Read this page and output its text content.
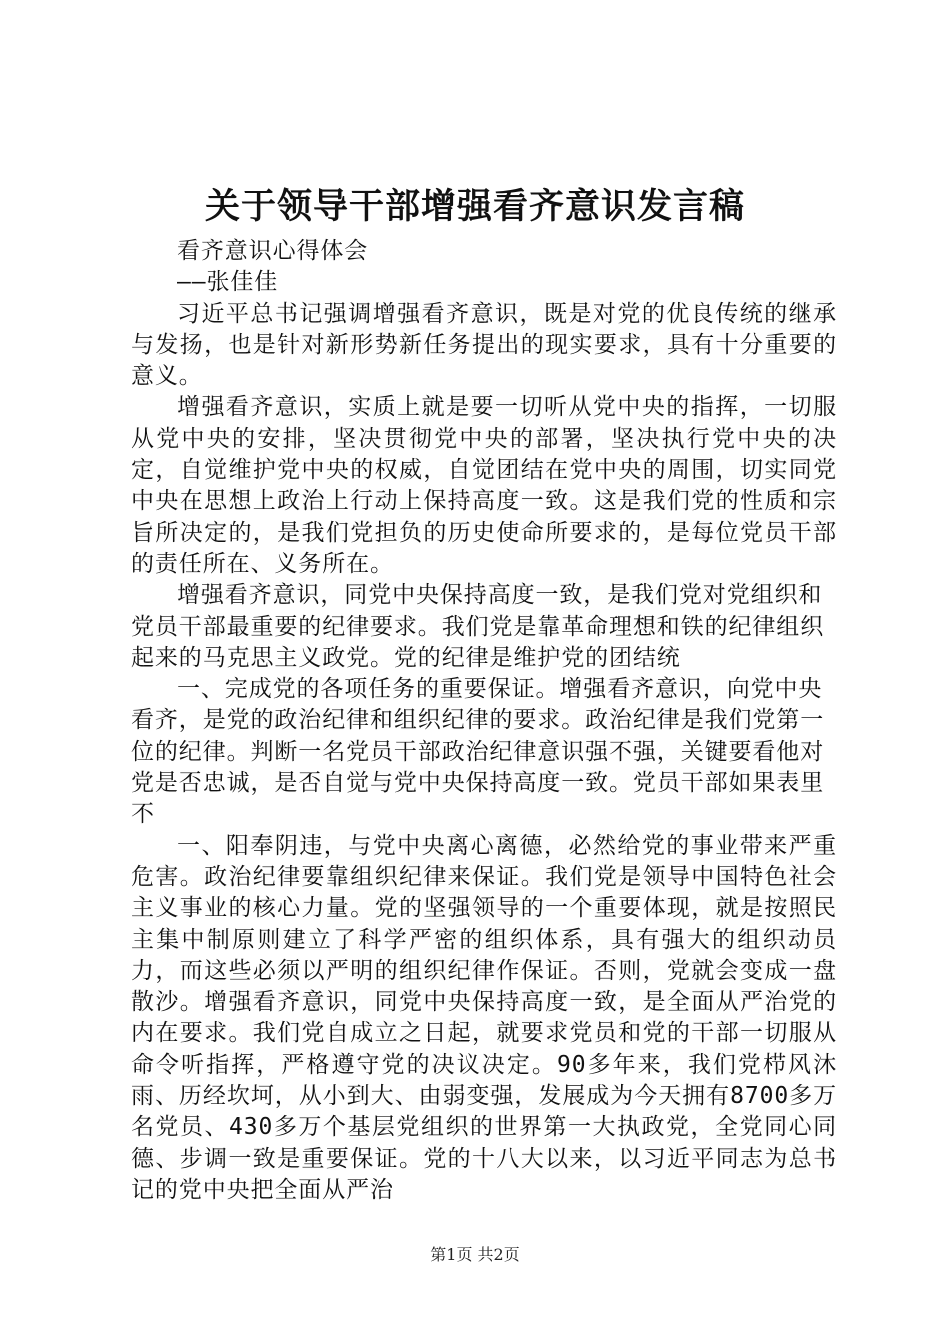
关于领导干部增强看齐意识发言稿

看齐意识心得体会

——张佳佳

习近平总书记强调增强看齐意识，既是对党的优良传统的继承与发扬，也是针对新形势新任务提出的现实要求，具有十分重要的意义。

增强看齐意识，实质上就是要一切听从党中央的指挥，一切服从党中央的安排，坚决贯彻党中央的部署，坚决执行党中央的决定，自觉维护党中央的权威，自觉团结在党中央的周围，切实同党中央在思想上政治上行动上保持高度一致。这是我们党的性质和宗旨所决定的，是我们党担负的历史使命所要求的，是每位党员干部的责任所在、义务所在。

增强看齐意识，同党中央保持高度一致，是我们党对党组织和党员干部最重要的纪律要求。我们党是靠革命理想和铁的纪律组织起来的马克思主义政党。党的纪律是维护党的团结统

一、完成党的各项任务的重要保证。增强看齐意识，向党中央看齐，是党的政治纪律和组织纪律的要求。政治纪律是我们党第一位的纪律。判断一名党员干部政治纪律意识强不强，关键要看他对党是否忠诚，是否自觉与党中央保持高度一致。党员干部如果表里不

一、阳奉阴违，与党中央离心离德，必然给党的事业带来严重危害。政治纪律要靠组织纪律来保证。我们党是领导中国特色社会主义事业的核心力量。党的坚强领导的一个重要体现，就是按照民主集中制原则建立了科学严密的组织体系，具有强大的组织动员力，而这些必须以严明的组织纪律作保证。否则，党就会变成一盘散沙。增强看齐意识，同党中央保持高度一致，是全面从严治党的内在要求。我们党自成立之日起，就要求党员和党的干部一切服从命令听指挥，严格遵守党的决议决定。90多年来，我们党栉风沐雨、历经坎坷，从小到大、由弱变强，发展成为今天拥有8700多万名党员、430多万个基层党组织的世界第一大执政党，全党同心同德、步调一致是重要保证。党的十八大以来，以习近平同志为总书记的党中央把全面从严治

第1页 共2页
